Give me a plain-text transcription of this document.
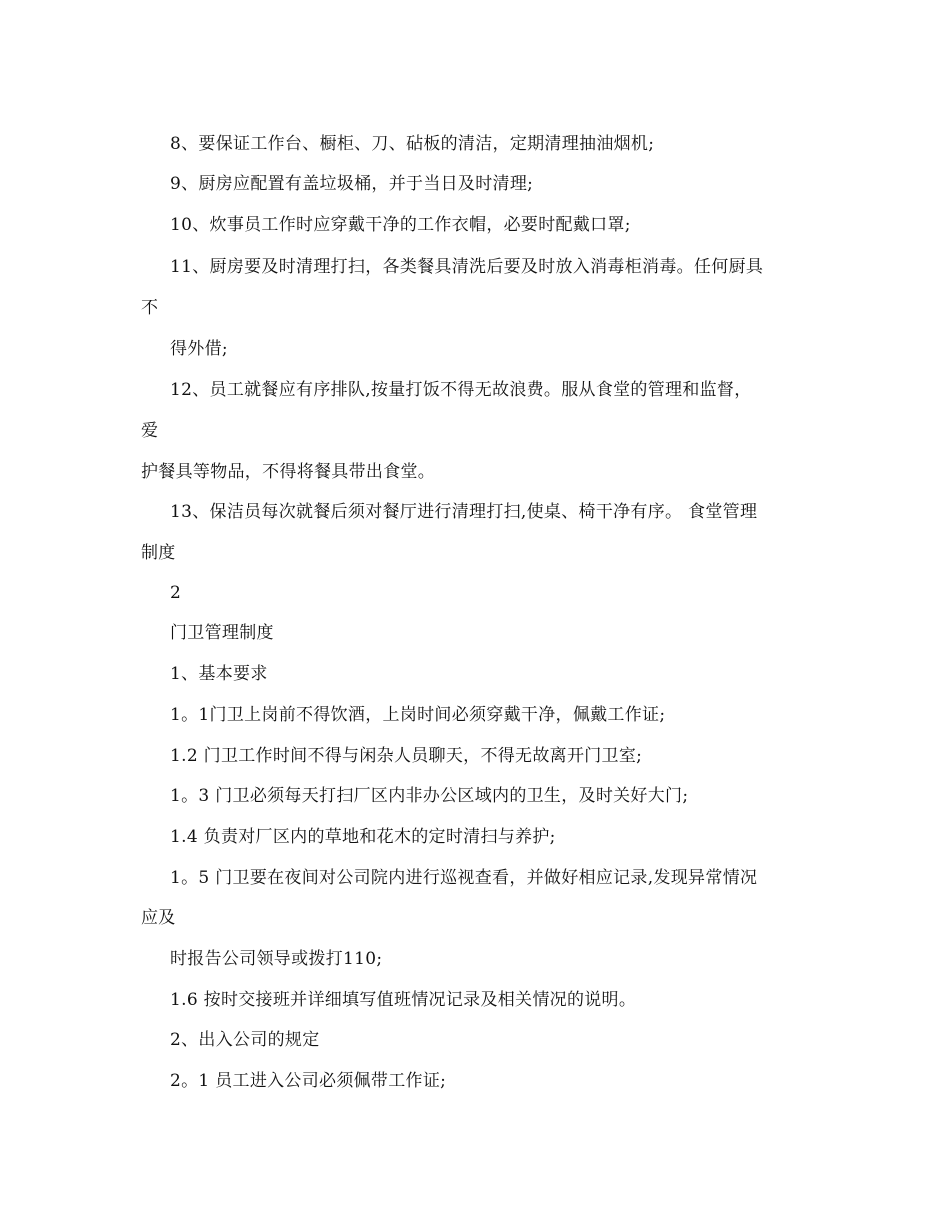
8、要保证工作台、橱柜、刀、砧板的清洁，定期清理抽油烟机;
9、厨房应配置有盖垃圾桶，并于当日及时清理;
10、炊事员工作时应穿戴干净的工作衣帽，必要时配戴口罩;
11、厨房要及时清理打扫，各类餐具清洗后要及时放入消毒柜消毒。任何厨具
不
得外借;
12、员工就餐应有序排队,按量打饭不得无故浪费。服从食堂的管理和监督，
爱
护餐具等物品，不得将餐具带出食堂。
13、保洁员每次就餐后须对餐厅进行清理打扫,使桌、椅干净有序。 食堂管理
制度
2
门卫管理制度
1、基本要求
1。1门卫上岗前不得饮酒，上岗时间必须穿戴干净，佩戴工作证;
1.2 门卫工作时间不得与闲杂人员聊天，不得无故离开门卫室;
1。3 门卫必须每天打扫厂区内非办公区域内的卫生，及时关好大门;
1.4 负责对厂区内的草地和花木的定时清扫与养护;
1。5 门卫要在夜间对公司院内进行巡视查看，并做好相应记录,发现异常情况
应及
时报告公司领导或拨打110;
1.6 按时交接班并详细填写值班情况记录及相关情况的说明。
2、出入公司的规定
2。1 员工进入公司必须佩带工作证;
